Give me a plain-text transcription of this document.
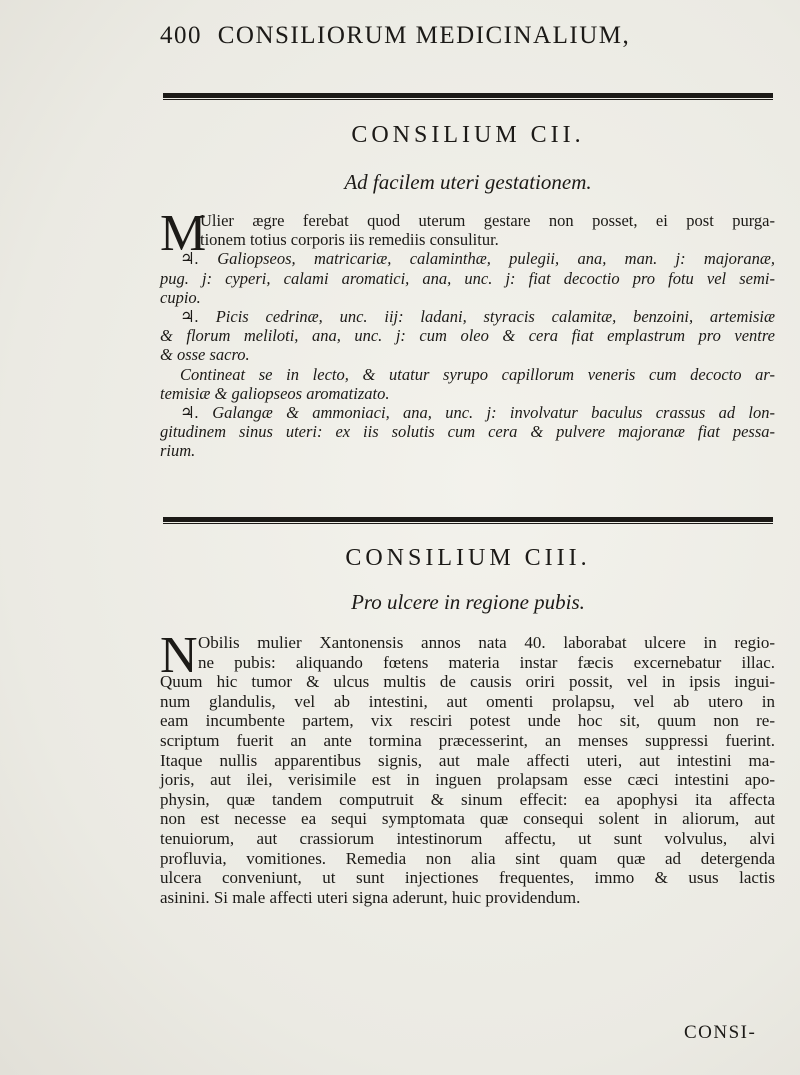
400 CONSILIORUM MEDICINALIUM,
CONSILIUM CII.
Ad facilem uteri gestationem.
M
Ulier ægre ferebat quod uterum gestare non posset, ei post purga-
tionem totius corporis iis remediis consulitur.
♃. Galiopseos, matricariæ, calaminthæ, pulegii, ana, man. j: majoranæ,
pug. j: cyperi, calami aromatici, ana, unc. j: fiat decoctio pro fotu vel semi-
cupio.
♃. Picis cedrinæ, unc. iij: ladani, styracis calamitæ, benzoini, artemisiæ
& florum meliloti, ana, unc. j: cum oleo & cera fiat emplastrum pro ventre
& osse sacro.
Contineat se in lecto, & utatur syrupo capillorum veneris cum decocto ar-
temisiæ & galiopseos aromatizato.
♃. Galangæ & ammoniaci, ana, unc. j: involvatur baculus crassus ad lon-
gitudinem sinus uteri: ex iis solutis cum cera & pulvere majoranæ fiat pessa-
rium.
CONSILIUM CIII.
Pro ulcere in regione pubis.
N Obilis mulier Xantonensis annos nata 40. laborabat ulcere in regio-
ne pubis: aliquando fœtens materia instar fæcis excernebatur illac.
Quum hic tumor & ulcus multis de causis oriri possit, vel in ipsis ingui-
num glandulis, vel ab intestini, aut omenti prolapsu, vel ab utero in
eam incumbente partem, vix resciri potest unde hoc sit, quum non re-
scriptum fuerit an ante tormina præcesserint, an menses suppressi fuerint.
Itaque nullis apparentibus signis, aut male affecti uteri, aut intestini ma-
joris, aut ilei, verisimile est in inguen prolapsam esse cæci intestini apo-
physin, quæ tandem computruit & sinum effecit: ea apophysi ita affecta
non est necesse ea sequi symptomata quæ consequi solent in aliorum, aut
tenuiorum, aut crassiorum intestinorum affectu, ut sunt volvulus, alvi
profluvia, vomitiones. Remedia non alia sint quam quæ ad detergenda
ulcera conveniunt, ut sunt injectiones frequentes, immo & usus lactis
asinini. Si male affecti uteri signa aderunt, huic providendum.
CONSI-
